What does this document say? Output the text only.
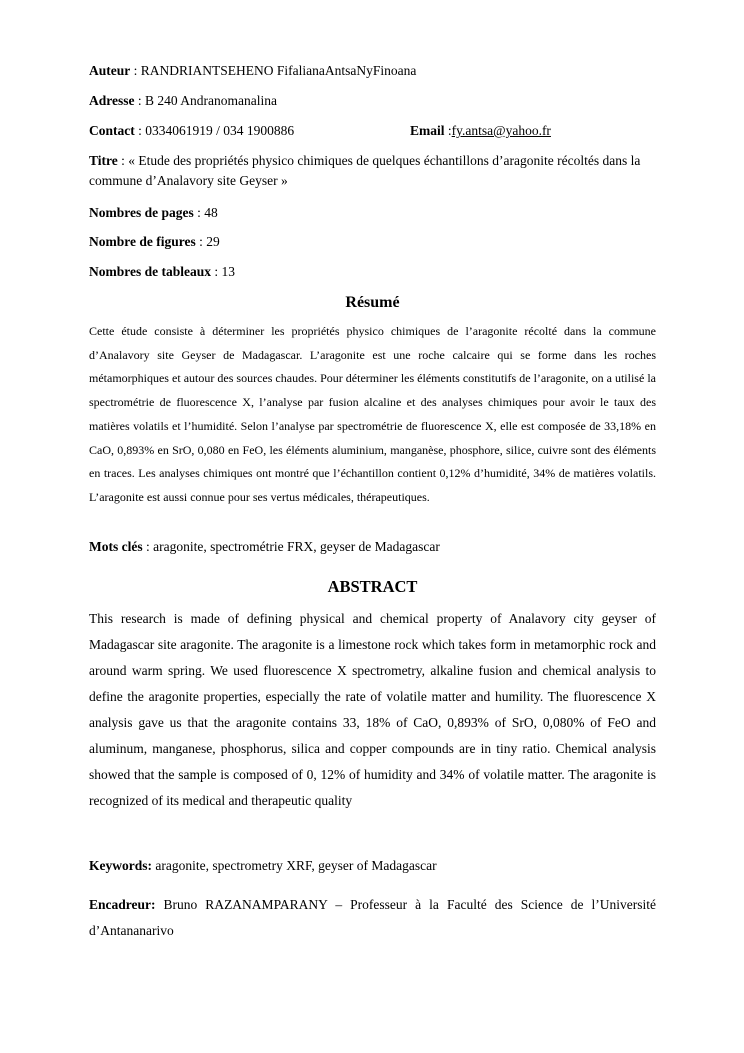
Auteur : RANDRIANTSEHENO FifalianaAntsaNyFinoana
Adresse : B 240 Andranomanalina
Contact : 0334061919 / 034 1900886	Email :fy.antsa@yahoo.fr
Titre : « Etude des propriétés physico chimiques de quelques échantillons d’aragonite récoltés dans la commune d’Analavory site Geyser »
Nombres de pages : 48
Nombre de figures : 29
Nombres de tableaux : 13
Résumé
Cette étude consiste à déterminer les propriétés physico chimiques de l’aragonite récolté dans la commune d’Analavory site Geyser de Madagascar. L’aragonite est une roche calcaire qui se forme dans les roches métamorphiques et autour des sources chaudes. Pour déterminer les éléments constitutifs de l’aragonite, on a utilisé la spectrométrie de fluorescence X, l’analyse par fusion alcaline et des analyses chimiques pour avoir le taux des matières volatils et l’humidité. Selon l’analyse par spectrométrie de fluorescence X, elle est composée de 33,18% en CaO, 0,893% en SrO, 0,080 en FeO, les éléments aluminium, manganèse, phosphore, silice, cuivre sont des éléments en traces. Les analyses chimiques ont montré que l’échantillon contient 0,12% d’humidité, 34% de matières volatils. L’aragonite est aussi connue pour ses vertus médicales, thérapeutiques.
Mots clés : aragonite, spectrométrie FRX, geyser de Madagascar
ABSTRACT
This research is made of defining physical and chemical property of Analavory city geyser of Madagascar site aragonite. The aragonite is a limestone rock which takes form in metamorphic rock and around warm spring. We used fluorescence X spectrometry, alkaline fusion and chemical analysis to define the aragonite properties, especially the rate of volatile matter and humility. The fluorescence X analysis gave us that the aragonite contains 33, 18% of CaO, 0,893% of SrO, 0,080% of FeO and aluminum, manganese, phosphorus, silica and copper compounds are in tiny ratio. Chemical analysis showed that the sample is composed of 0, 12% of humidity and 34% of volatile matter. The aragonite is recognized of its medical and therapeutic quality
Keywords: aragonite, spectrometry XRF, geyser of Madagascar
Encadreur: Bruno RAZANAMPARANY – Professeur à la Faculté des Science de l’Université d’Antananarivo
